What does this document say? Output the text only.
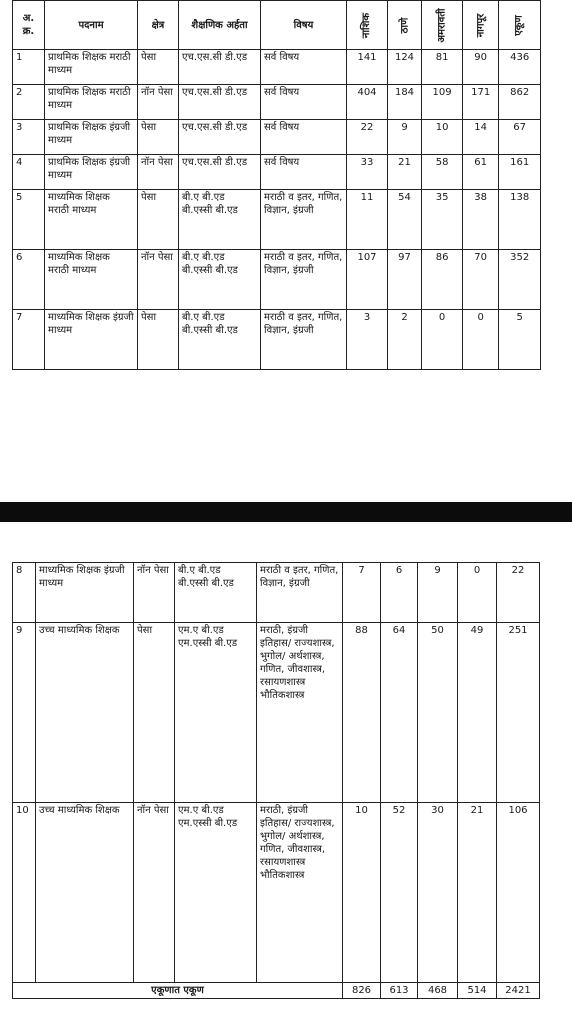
अ. क्र.	पदनाम	क्षेत्र	शैक्षणिक अर्हता	विषय	नाशिक	ठाणे	अमरावती	नागपूर	एकूण
1	प्राथमिक शिक्षक मराठी माध्यम	पेसा	एच.एस.सी डी.एड	सर्व विषय	141	124	81	90	436
2	प्राथमिक शिक्षक मराठी माध्यम	नॉन पेसा	एच.एस.सी डी.एड	सर्व विषय	404	184	109	171	862
3	प्राथमिक शिक्षक इंग्रजी माध्यम	पेसा	एच.एस.सी डी.एड	सर्व विषय	22	9	10	14	67
4	प्राथमिक शिक्षक इंग्रजी माध्यम	नॉन पेसा	एच.एस.सी डी.एड	सर्व विषय	33	21	58	61	161
5	माध्यमिक शिक्षक मराठी माध्यम	पेसा	बी.ए बी.एड बी.एस्सी बी.एड	मराठी व इतर, गणित, विज्ञान, इंग्रजी	11	54	35	38	138
6	माध्यमिक शिक्षक मराठी माध्यम	नॉन पेसा	बी.ए बी.एड बी.एस्सी बी.एड	मराठी व इतर, गणित, विज्ञान, इंग्रजी	107	97	86	70	352
7	माध्यमिक शिक्षक इंग्रजी माध्यम	पेसा	बी.ए बी.एड बी.एस्सी बी.एड	मराठी व इतर, गणित, विज्ञान, इंग्रजी	3	2	0	0	5
8	माध्यमिक शिक्षक इंग्रजी माध्यम	नॉन पेसा	बी.ए बी.एड बी.एस्सी बी.एड	मराठी व इतर, गणित, विज्ञान, इंग्रजी	7	6	9	0	22
9	उच्च माध्यमिक शिक्षक	पेसा	एम.ए बी.एड एम.एस्सी बी.एड	मराठी, इंग्रजी इतिहास/ राज्यशास्त्र, भुगोल/ अर्थशास्त्र, गणित, जीवशास्त्र, रसायणशास्त्र भौतिकशास्त्र	88	64	50	49	251
10	उच्च माध्यमिक शिक्षक	नॉन पेसा	एम.ए बी.एड एम.एस्सी बी.एड	मराठी, इंग्रजी इतिहास/ राज्यशास्त्र, भुगोल/ अर्थशास्त्र, गणित, जीवशास्त्र, रसायणशास्त्र भौतिकशास्त्र	10	52	30	21	106
एकूणात एकूण					826	613	468	514	2421
